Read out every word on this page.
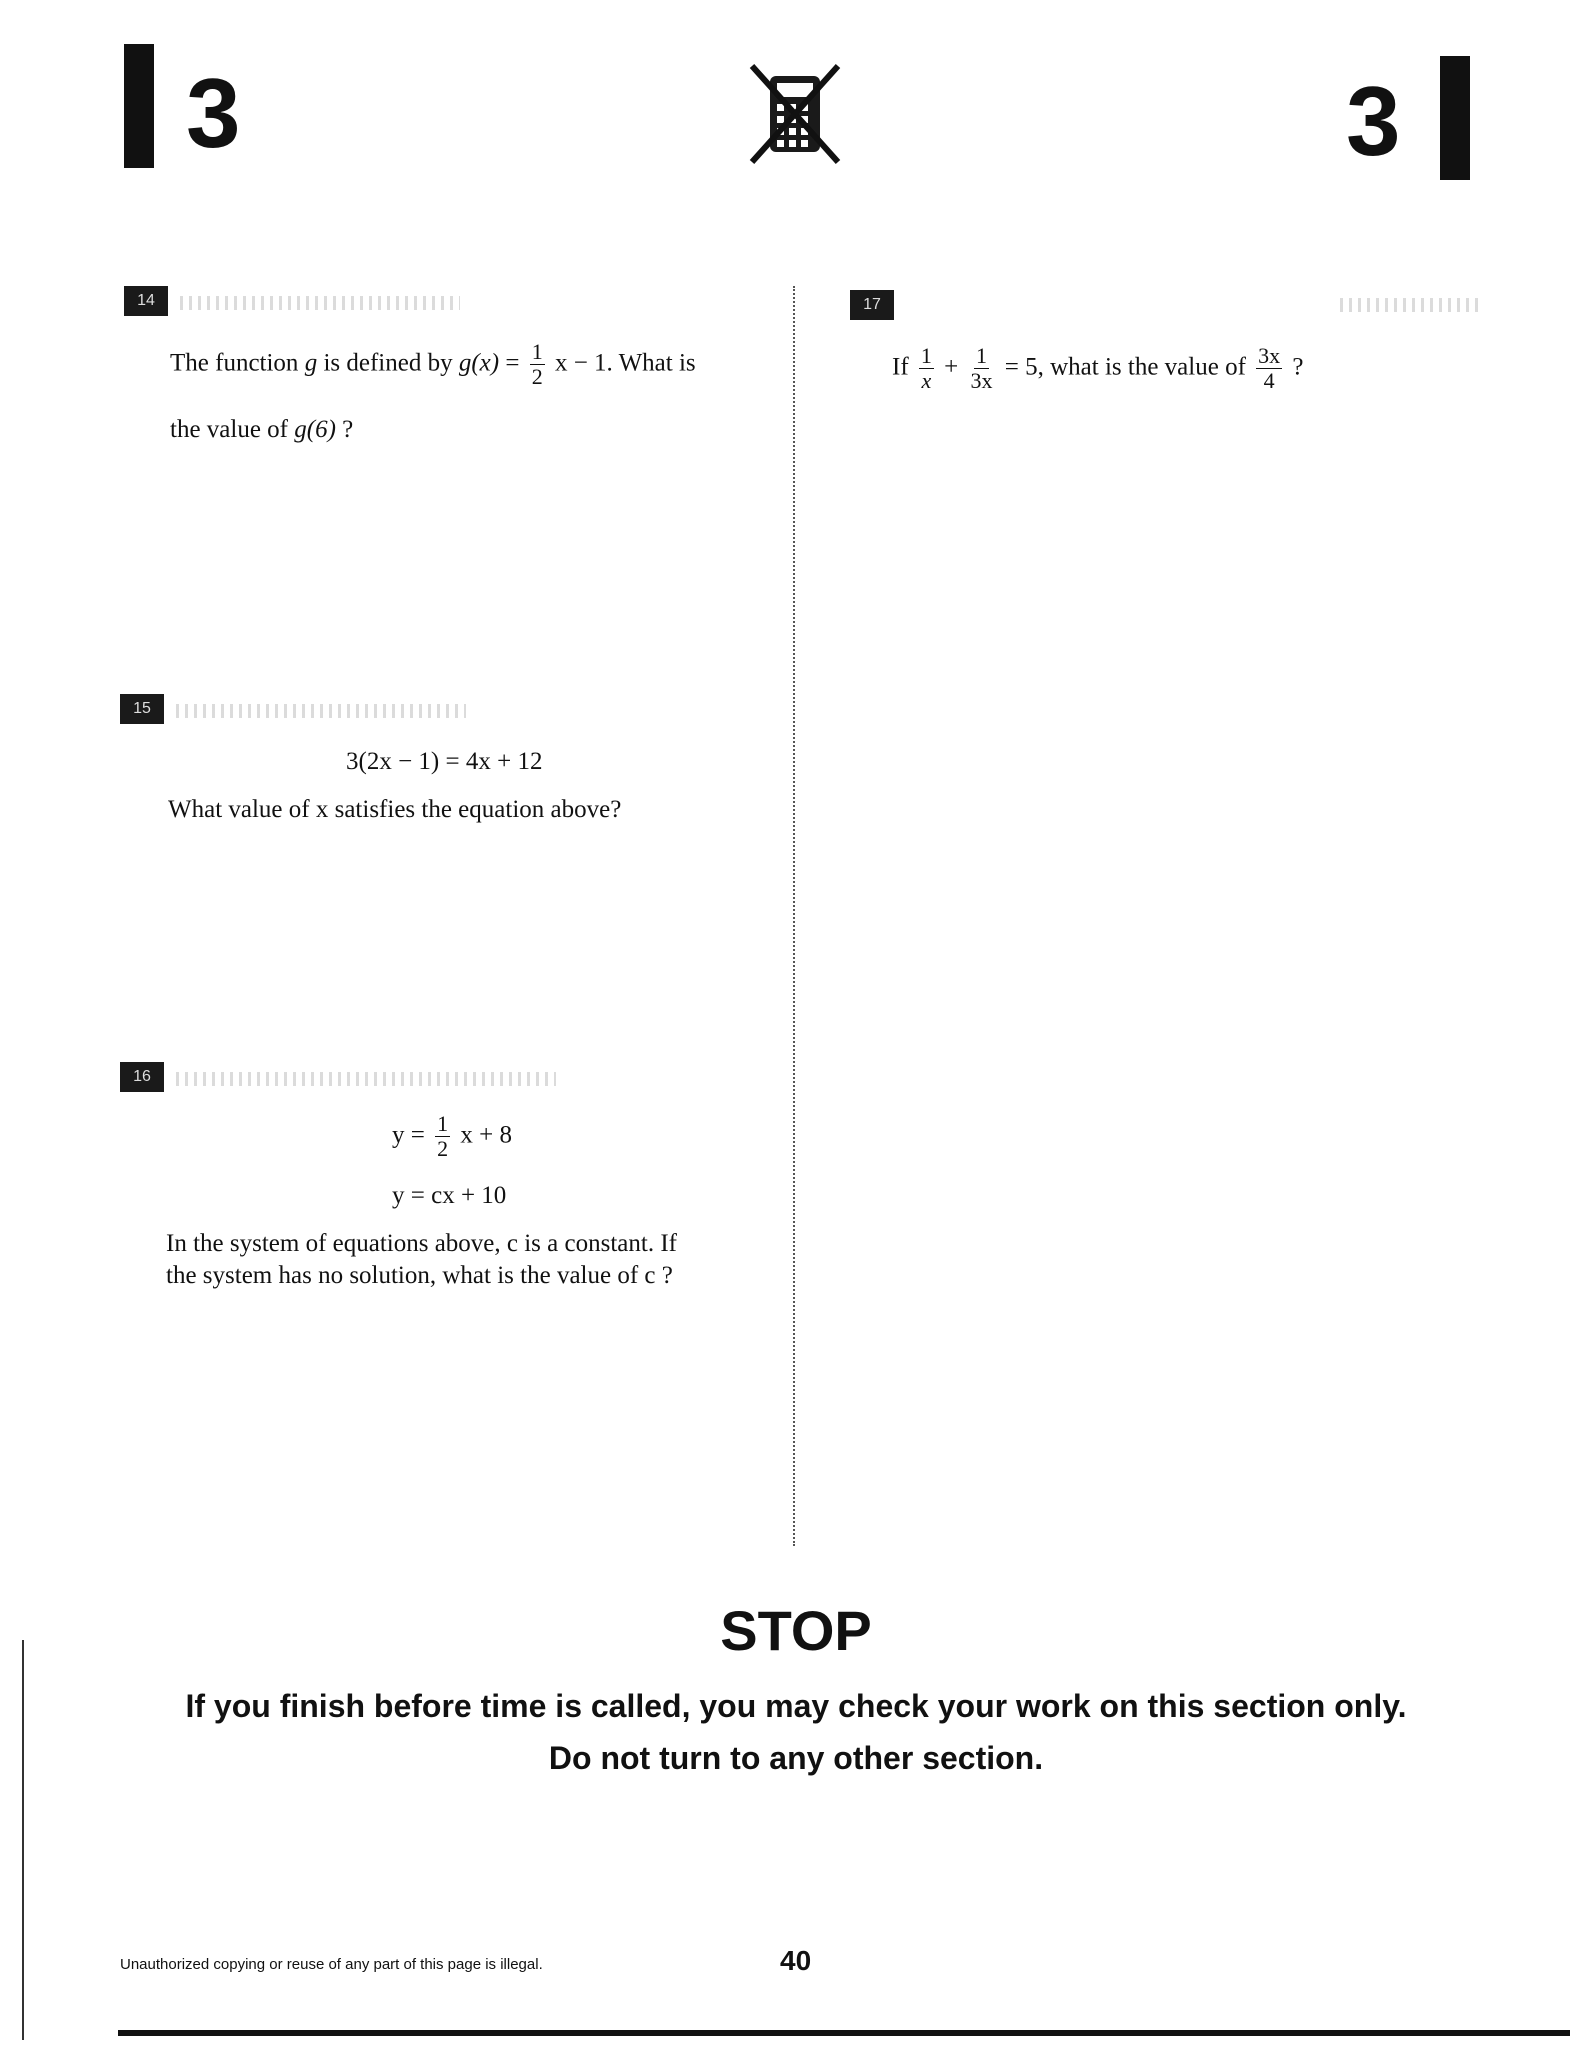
3	3
14
The function g is defined by $g(x) = \frac{1}{2}$ x − 1. What is
the value of g(6) ?
15
3(2x − 1) = 4x + 12
What value of x satisfies the equation above?
16
$y = \frac{1}{2}$ x + 8
y = cx + 10
In the system of equations above, c is a constant. If
the system has no solution, what is the value of c ?
17
If $\frac{1}{x} + \frac{1}{3x} = 5$, what is the value of $\frac{3x}{4}$ ?
STOP
If you finish before time is called, you may check your work on this section only.
Do not turn to any other section.
Unauthorized copying or reuse of any part of this page is illegal.	40
